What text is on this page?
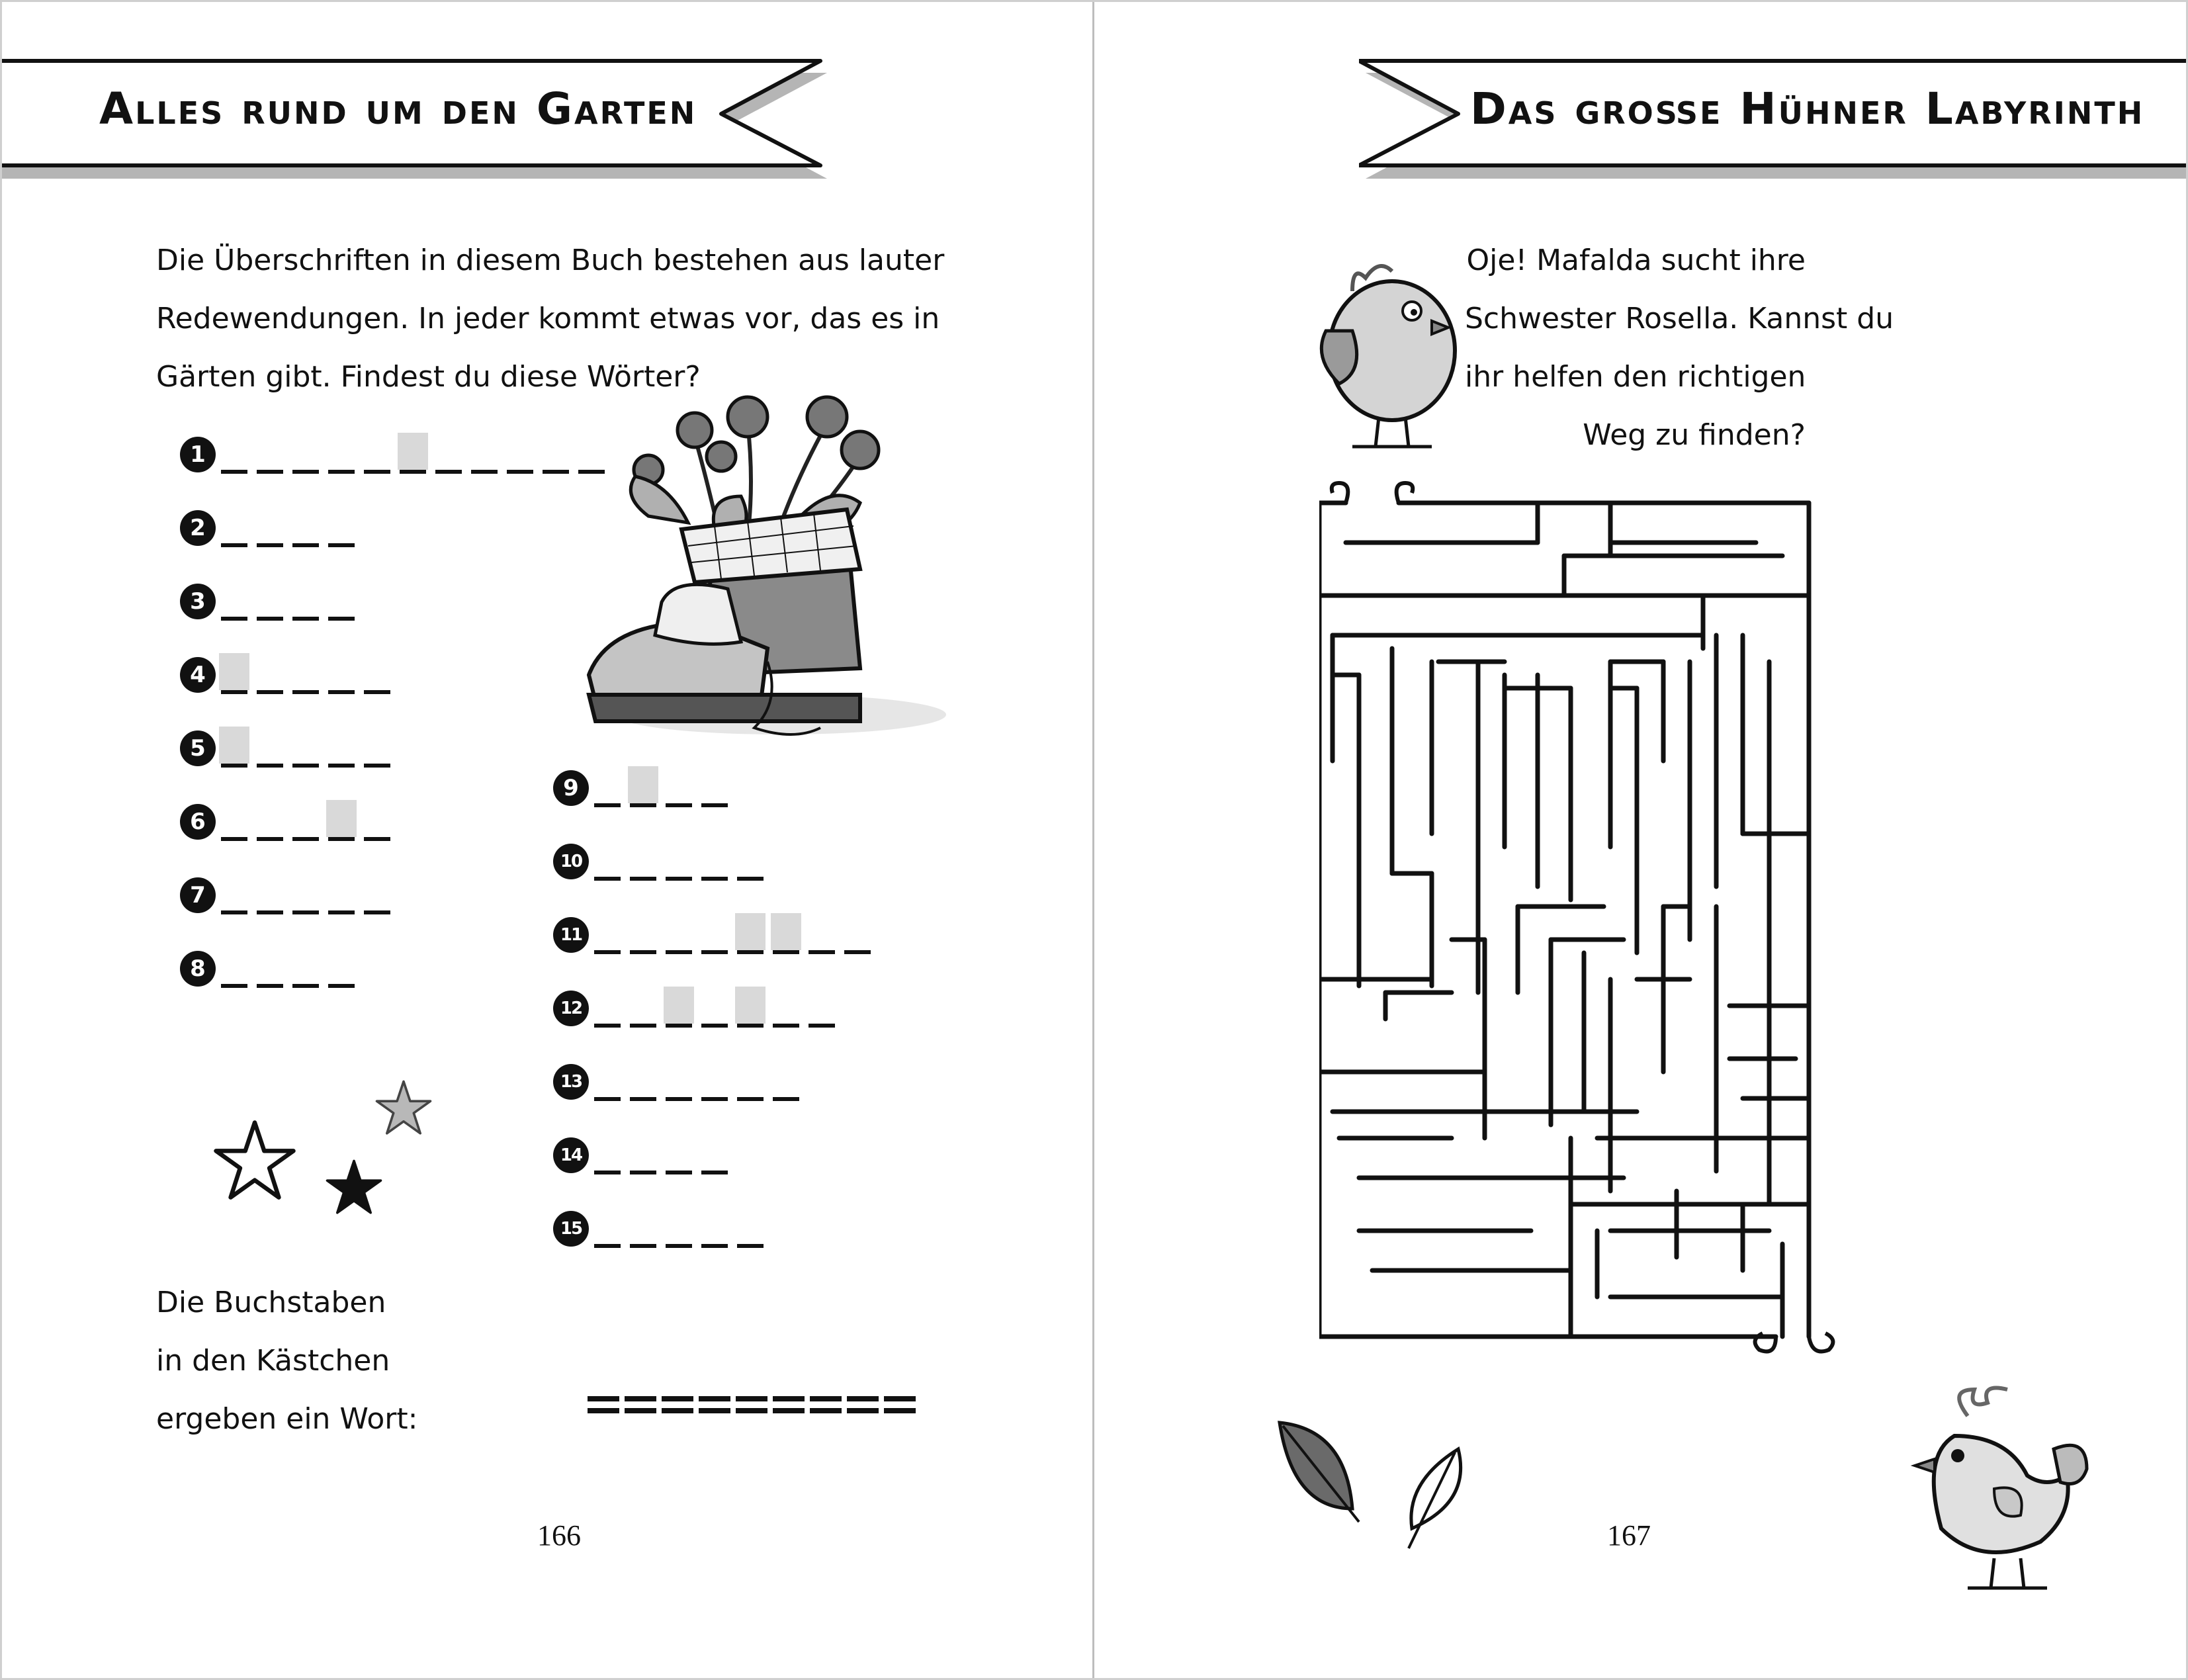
Alles rund um den Garten
Die Überschriften in diesem Buch bestehen aus lauter
Redewendungen. In jeder kommt etwas vor, das es in
Gärten gibt. Findest du diese Wörter?
1
2
3
4
5
6
7
8
9
10
11
12
13
14
15
Die Buchstaben
in den Kästchen
ergeben ein Wort:
166
Das große Hühner Labyrinth
Oje! Mafalda sucht ihre
Schwester Rosella. Kannst du
ihr helfen den richtigen
Weg zu finden?
167
